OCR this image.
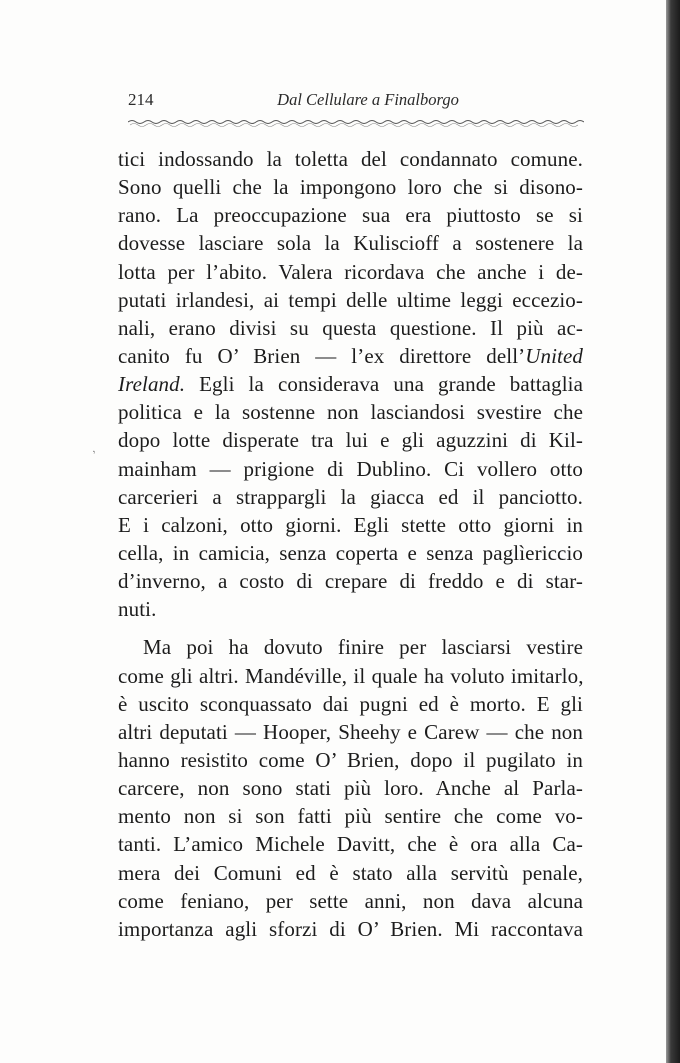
ʼ
214	Dal Cellulare a Finalborgo
tici indossando la toletta del condannato comune.
Sono quelli che la impongono loro che si disono-
rano. La preoccupazione sua era piuttosto se si
dovesse lasciare sola la Kuliscioff a sostenere la
lotta per l’abito. Valera ricordava che anche i de-
putati irlandesi, ai tempi delle ultime leggi eccezio-
nali, erano divisi su questa questione. Il più ac-
canito fu O’ Brien — l’ex direttore dell’United
Ireland. Egli la considerava una grande battaglia
politica e la sostenne non lasciandosi svestire che
dopo lotte disperate tra lui e gli aguzzini di Kil-
mainham — prigione di Dublino. Ci vollero otto
carcerieri a strappargli la giacca ed il panciotto.
E i calzoni, otto giorni. Egli stette otto giorni in
cella, in camicia, senza coperta e senza paglìericcio
d’inverno, a costo di crepare di freddo e di star-
nuti.
Ma poi ha dovuto finire per lasciarsi vestire
come gli altri. Mandéville, il quale ha voluto imitarlo,
è uscito sconquassato dai pugni ed è morto. E gli
altri deputati — Hooper, Sheehy e Carew — che non
hanno resistito come O’ Brien, dopo il pugilato in
carcere, non sono stati più loro. Anche al Parla-
mento non si son fatti più sentire che come vo-
tanti. L’amico Michele Davitt, che è ora alla Ca-
mera dei Comuni ed è stato alla servitù penale,
come feniano, per sette anni, non dava alcuna
importanza agli sforzi di O’ Brien. Mi raccontava
